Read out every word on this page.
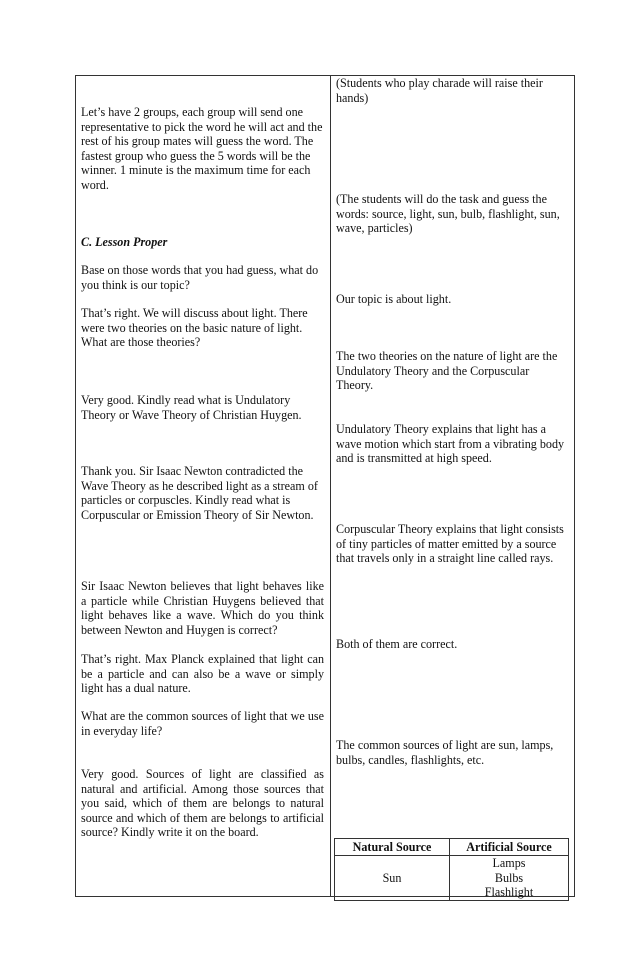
Let’s have 2 groups, each group will send one representative to pick the word he will act and the rest of his group mates will guess the word. The fastest group who guess the 5 words will be the winner. 1 minute is the maximum time for each word.

C. Lesson Proper

Base on those words that you had guess, what do you think is our topic?

That’s right. We will discuss about light. There were two theories on the basic nature of light. What are those theories?

Very good. Kindly read what is Undulatory Theory or Wave Theory of Christian Huygen.

Thank you. Sir Isaac Newton contradicted the Wave Theory as he described light as a stream of particles or corpuscles. Kindly read what is Corpuscular or Emission Theory of Sir Newton.

Sir Isaac Newton believes that light behaves like a particle while Christian Huygens believed that light behaves like a wave. Which do you think between Newton and Huygen is correct?

That’s right. Max Planck explained that light can be a particle and can also be a wave or simply light has a dual nature.

What are the common sources of light that we use in everyday life?

Very good. Sources of light are classified as natural and artificial. Among those sources that you said, which of them are belongs to natural source and which of them are belongs to artificial source? Kindly write it on the board.

(Students who play charade will raise their hands)

(The students will do the task and guess the words: source, light, sun, bulb, flashlight, sun, wave, particles)

Our topic is about light.

The two theories on the nature of light are the Undulatory Theory and the Corpuscular Theory.

Undulatory Theory explains that light has a wave motion which start from a vibrating body and is transmitted at high speed.

Corpuscular Theory explains that light consists of tiny particles of matter emitted by a source that travels only in a straight line called rays.

Both of them are correct.

The common sources of light are sun, lamps, bulbs, candles, flashlights, etc.

Natural Source	Artificial Source
Sun	Lamps
Bulbs
Flashlight
